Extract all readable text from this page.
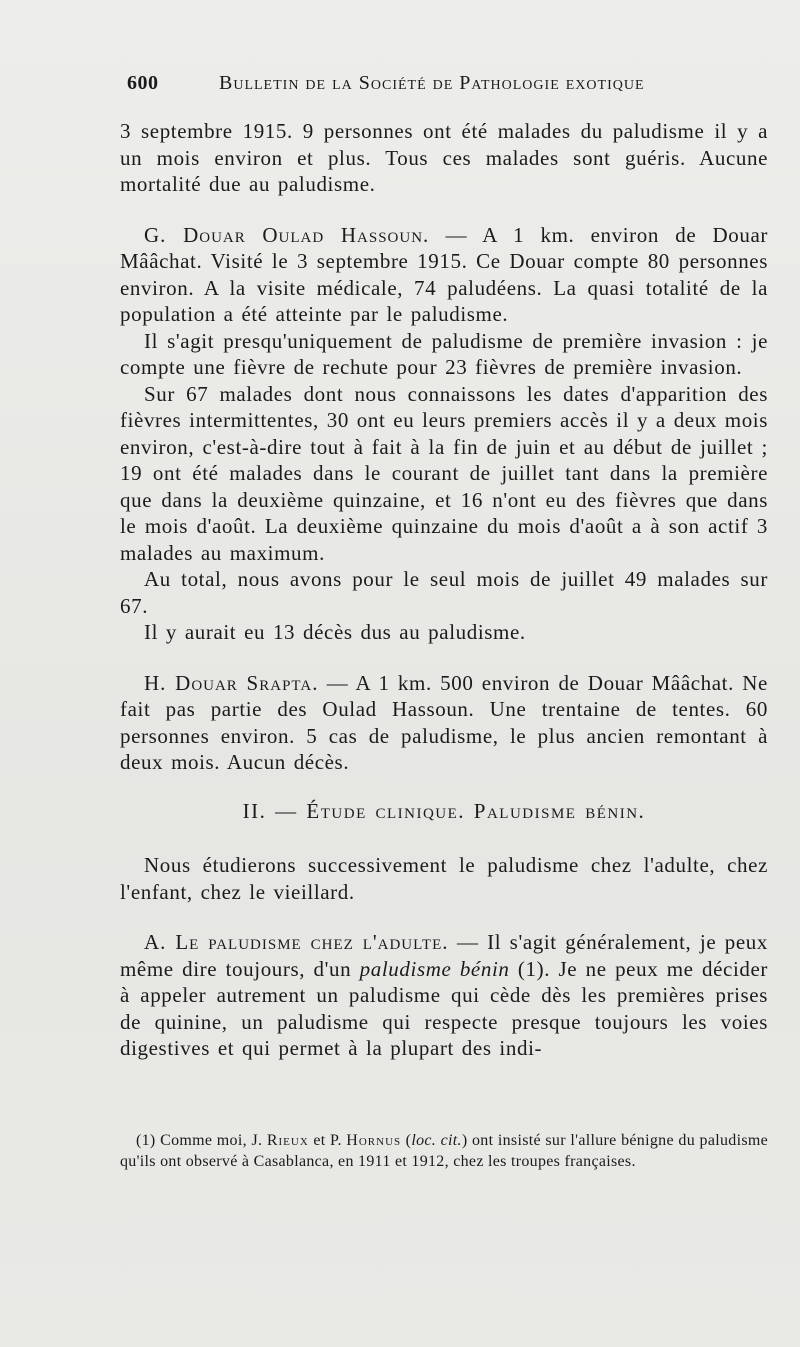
600	Bulletin de la Société de Pathologie exotique

3 septembre 1915. 9 personnes ont été malades du paludisme il y a un mois environ et plus. Tous ces malades sont guéris. Aucune mortalité due au paludisme.

G. Douar Oulad Hassoun. — A 1 km. environ de Douar Mââchat. Visité le 3 septembre 1915. Ce Douar compte 80 personnes environ. A la visite médicale, 74 paludéens. La quasi totalité de la population a été atteinte par le paludisme.

Il s'agit presqu'uniquement de paludisme de première invasion : je compte une fièvre de rechute pour 23 fièvres de première invasion.

Sur 67 malades dont nous connaissons les dates d'apparition des fièvres intermittentes, 30 ont eu leurs premiers accès il y a deux mois environ, c'est-à-dire tout à fait à la fin de juin et au début de juillet ; 19 ont été malades dans le courant de juillet tant dans la première que dans la deuxième quinzaine, et 16 n'ont eu des fièvres que dans le mois d'août. La deuxième quinzaine du mois d'août a à son actif 3 malades au maximum.

Au total, nous avons pour le seul mois de juillet 49 malades sur 67.

Il y aurait eu 13 décès dus au paludisme.

H. Douar Srapta. — A 1 km. 500 environ de Douar Mââchat. Ne fait pas partie des Oulad Hassoun. Une trentaine de tentes. 60 personnes environ. 5 cas de paludisme, le plus ancien remontant à deux mois. Aucun décès.

II. — Étude clinique. Paludisme bénin.

Nous étudierons successivement le paludisme chez l'adulte, chez l'enfant, chez le vieillard.

A. Le paludisme chez l'adulte. — Il s'agit généralement, je peux même dire toujours, d'un paludisme bénin (1). Je ne peux me décider à appeler autrement un paludisme qui cède dès les premières prises de quinine, un paludisme qui respecte presque toujours les voies digestives et qui permet à la plupart des indi-

(1) Comme moi, J. Rieux et P. Hornus (loc. cit.) ont insisté sur l'allure bénigne du paludisme qu'ils ont observé à Casablanca, en 1911 et 1912, chez les troupes françaises.
